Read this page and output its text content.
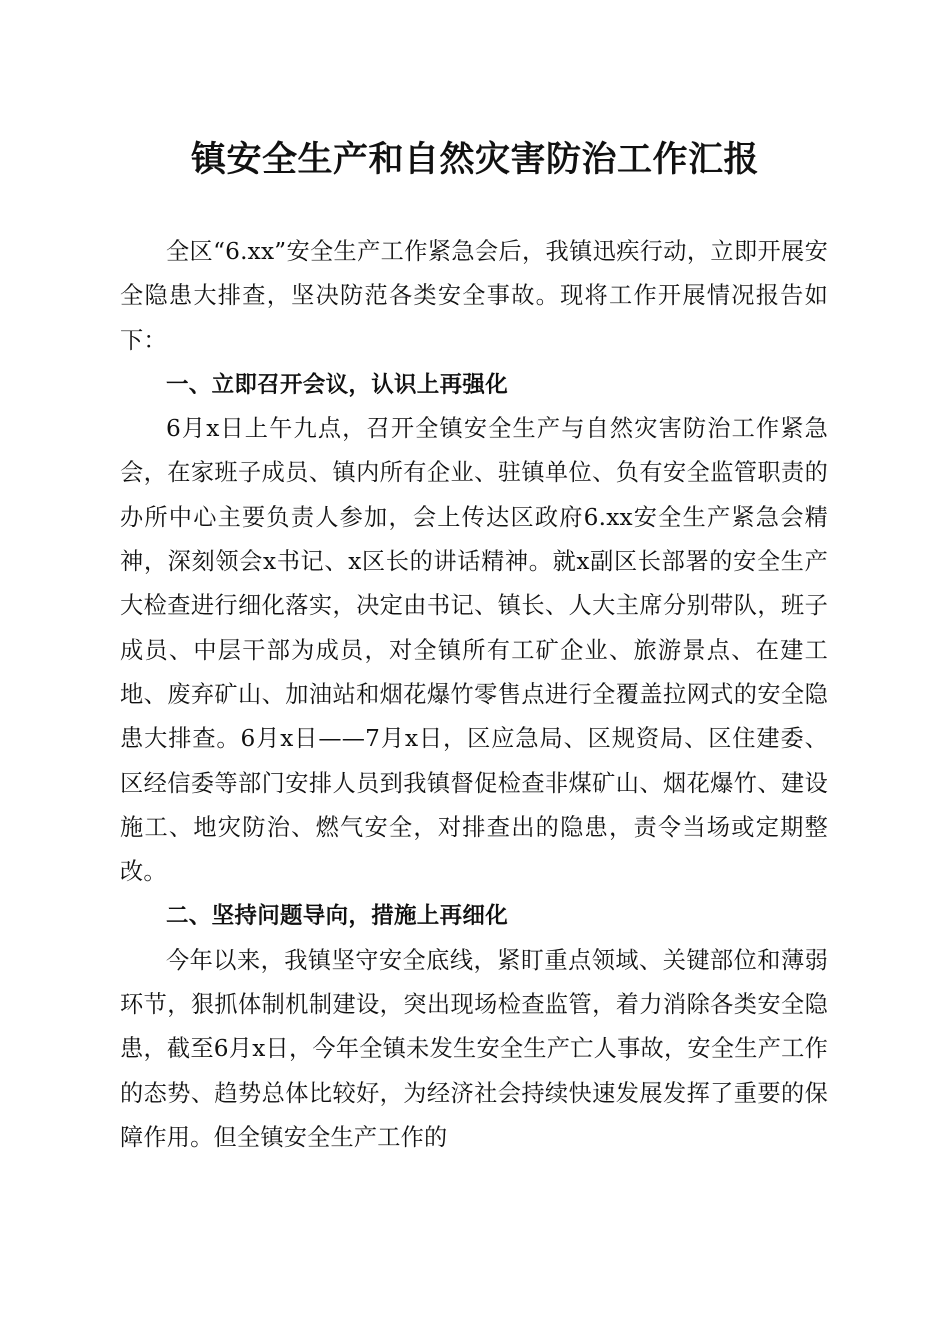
镇安全生产和自然灾害防治工作汇报

全区“6.xx”安全生产工作紧急会后，我镇迅疾行动，立即开展安全隐患大排查，坚决防范各类安全事故。现将工作开展情况报告如下：

一、立即召开会议，认识上再强化

6月x日上午九点，召开全镇安全生产与自然灾害防治工作紧急会，在家班子成员、镇内所有企业、驻镇单位、负有安全监管职责的办所中心主要负责人参加，会上传达区政府6.xx安全生产紧急会精神，深刻领会x书记、x区长的讲话精神。就x副区长部署的安全生产大检查进行细化落实，决定由书记、镇长、人大主席分别带队，班子成员、中层干部为成员，对全镇所有工矿企业、旅游景点、在建工地、废弃矿山、加油站和烟花爆竹零售点进行全覆盖拉网式的安全隐患大排查。6月x日——7月x日，区应急局、区规资局、区住建委、区经信委等部门安排人员到我镇督促检查非煤矿山、烟花爆竹、建设施工、地灾防治、燃气安全，对排查出的隐患，责令当场或定期整改。

二、坚持问题导向，措施上再细化

今年以来，我镇坚守安全底线，紧盯重点领域、关键部位和薄弱环节，狠抓体制机制建设，突出现场检查监管，着力消除各类安全隐患，截至6月x日，今年全镇未发生安全生产亡人事故，安全生产工作的态势、趋势总体比较好，为经济社会持续快速发展发挥了重要的保障作用。但全镇安全生产工作的
